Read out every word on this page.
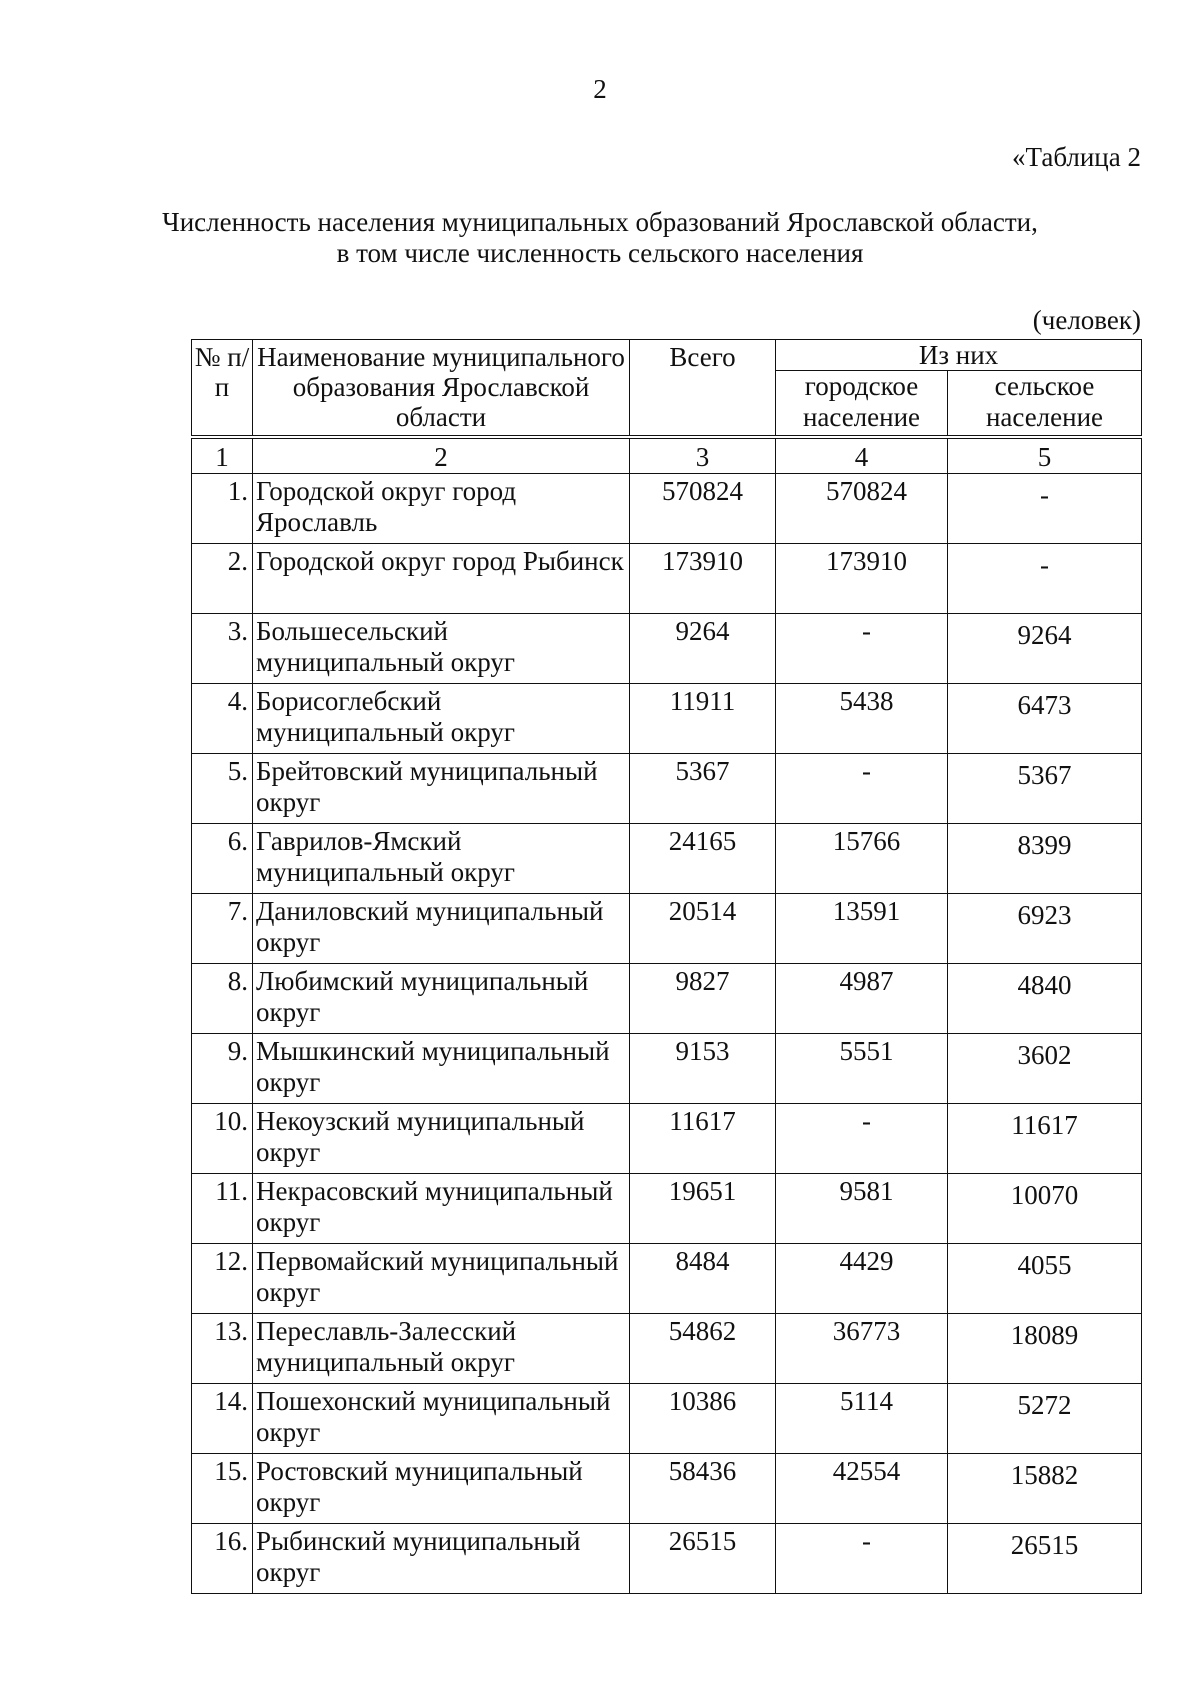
2
«Таблица 2
Численность населения муниципальных образований Ярославской области,
в том числе численность сельского населения
(человек)
№ п/п	Наименование муниципального образования Ярославской области	Всего	Из них	
			городское население	сельское население
1	2	3	4	5
1.	Городской округ город Ярославль	570824	570824	-
2.	Городской округ город Рыбинск	173910	173910	-
3.	Большесельский муниципальный округ	9264	-	9264
4.	Борисоглебский муниципальный округ	11911	5438	6473
5.	Брейтовский муниципальный округ	5367	-	5367
6.	Гаврилов-Ямский муниципальный округ	24165	15766	8399
7.	Даниловский муниципальный округ	20514	13591	6923
8.	Любимский муниципальный округ	9827	4987	4840
9.	Мышкинский муниципальный округ	9153	5551	3602
10.	Некоузский муниципальный округ	11617	-	11617
11.	Некрасовский муниципальный округ	19651	9581	10070
12.	Первомайский муниципальный округ	8484	4429	4055
13.	Переславль-Залесский муниципальный округ	54862	36773	18089
14.	Пошехонский муниципальный округ	10386	5114	5272
15.	Ростовский муниципальный округ	58436	42554	15882
16.	Рыбинский муниципальный округ	26515	-	26515
